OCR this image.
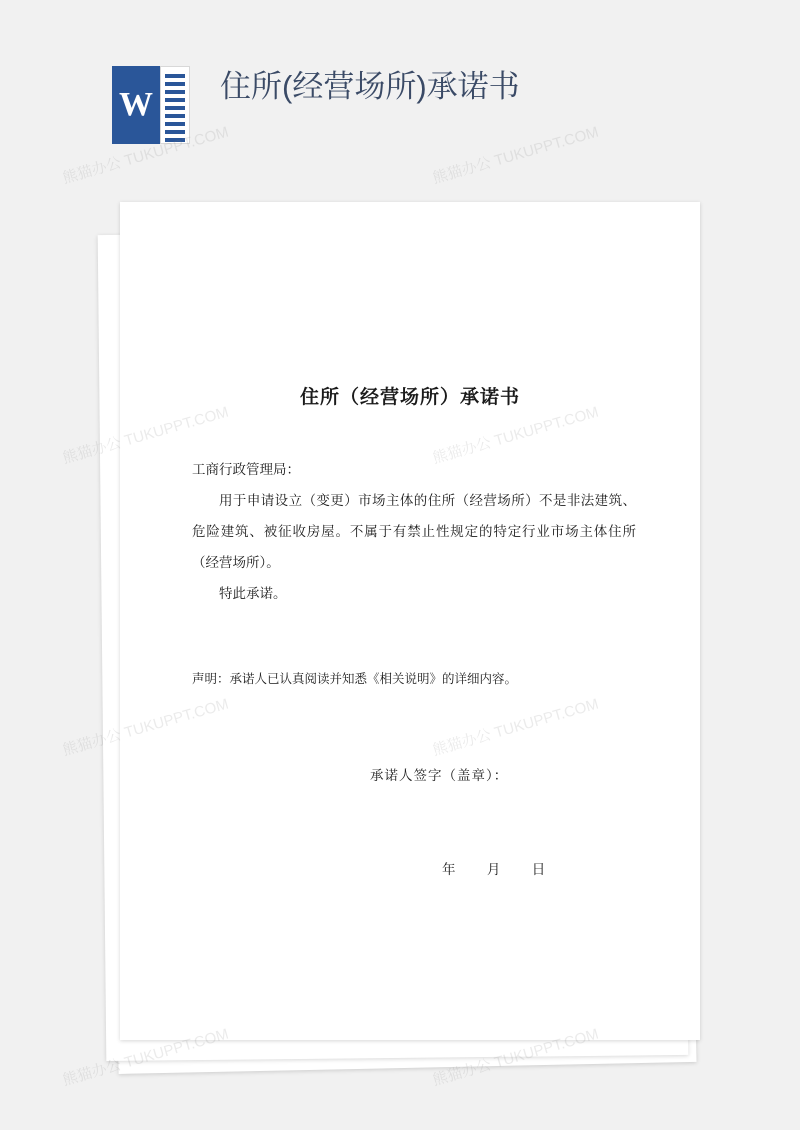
W 住所(经营场所)承诺书
住所（经营场所）承诺书
工商行政管理局：
用于申请设立（变更）市场主体的住所（经营场所）不是非法建筑、危险建筑、被征收房屋。不属于有禁止性规定的特定行业市场主体住所（经营场所）。
特此承诺。
声明：承诺人已认真阅读并知悉《相关说明》的详细内容。
承诺人签字（盖章）：
年 月 日
熊猫办公 TUKUPPT.COM	熊猫办公 TUKUPPT.COM
熊猫办公
熊猫办公
熊猫办公
